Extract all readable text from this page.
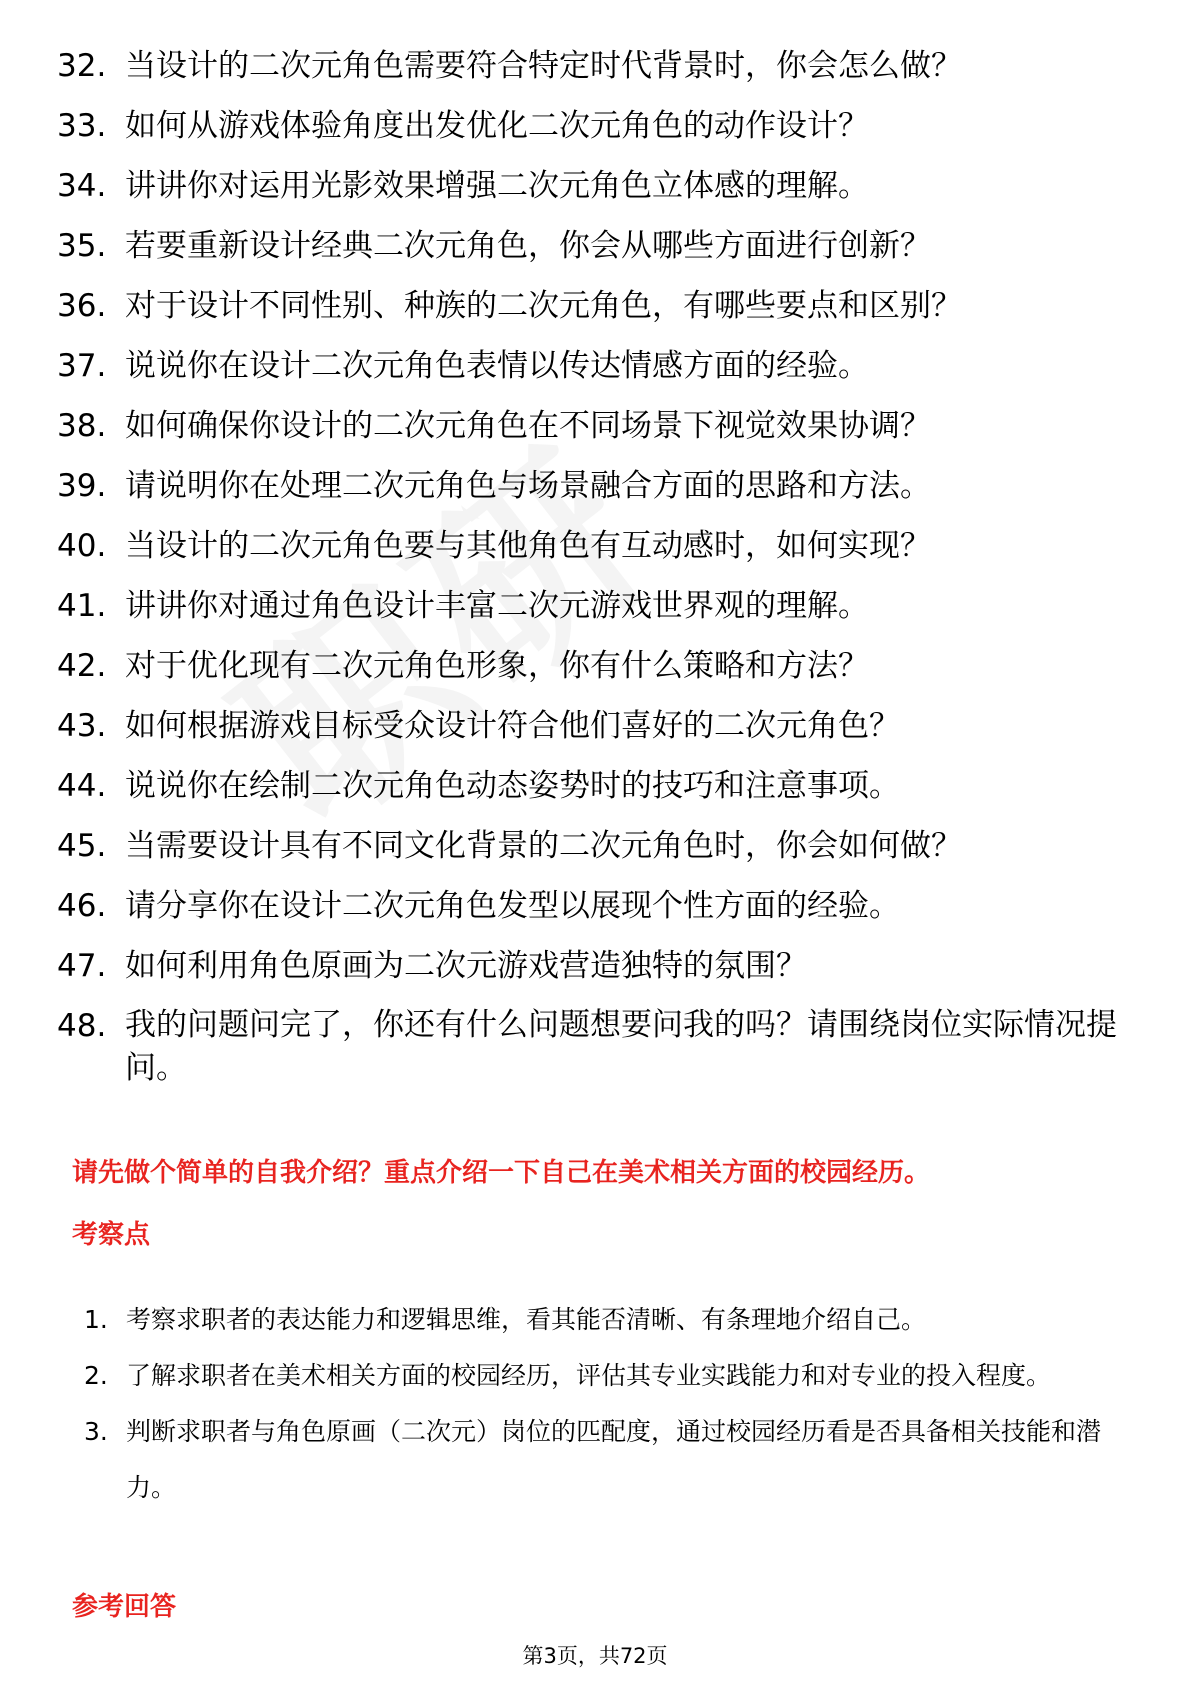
32. 当设计的二次元角色需要符合特定时代背景时，你会怎么做？
33. 如何从游戏体验角度出发优化二次元角色的动作设计？
34. 讲讲你对运用光影效果增强二次元角色立体感的理解。
35. 若要重新设计经典二次元角色，你会从哪些方面进行创新？
36. 对于设计不同性别、种族的二次元角色，有哪些要点和区别？
37. 说说你在设计二次元角色表情以传达情感方面的经验。
38. 如何确保你设计的二次元角色在不同场景下视觉效果协调？
39. 请说明你在处理二次元角色与场景融合方面的思路和方法。
40. 当设计的二次元角色要与其他角色有互动感时，如何实现？
41. 讲讲你对通过角色设计丰富二次元游戏世界观的理解。
42. 对于优化现有二次元角色形象，你有什么策略和方法？
43. 如何根据游戏目标受众设计符合他们喜好的二次元角色？
44. 说说你在绘制二次元角色动态姿势时的技巧和注意事项。
45. 当需要设计具有不同文化背景的二次元角色时，你会如何做？
46. 请分享你在设计二次元角色发型以展现个性方面的经验。
47. 如何利用角色原画为二次元游戏营造独特的氛围？
48. 我的问题问完了，你还有什么问题想要问我的吗？请围绕岗位实际情况提问。
请先做个简单的自我介绍？重点介绍一下自己在美术相关方面的校园经历。
考察点
1. 考察求职者的表达能力和逻辑思维，看其能否清晰、有条理地介绍自己。
2. 了解求职者在美术相关方面的校园经历，评估其专业实践能力和对专业的投入程度。
3. 判断求职者与角色原画（二次元）岗位的匹配度，通过校园经历看是否具备相关技能和潜力。
参考回答
第3页，共72页
